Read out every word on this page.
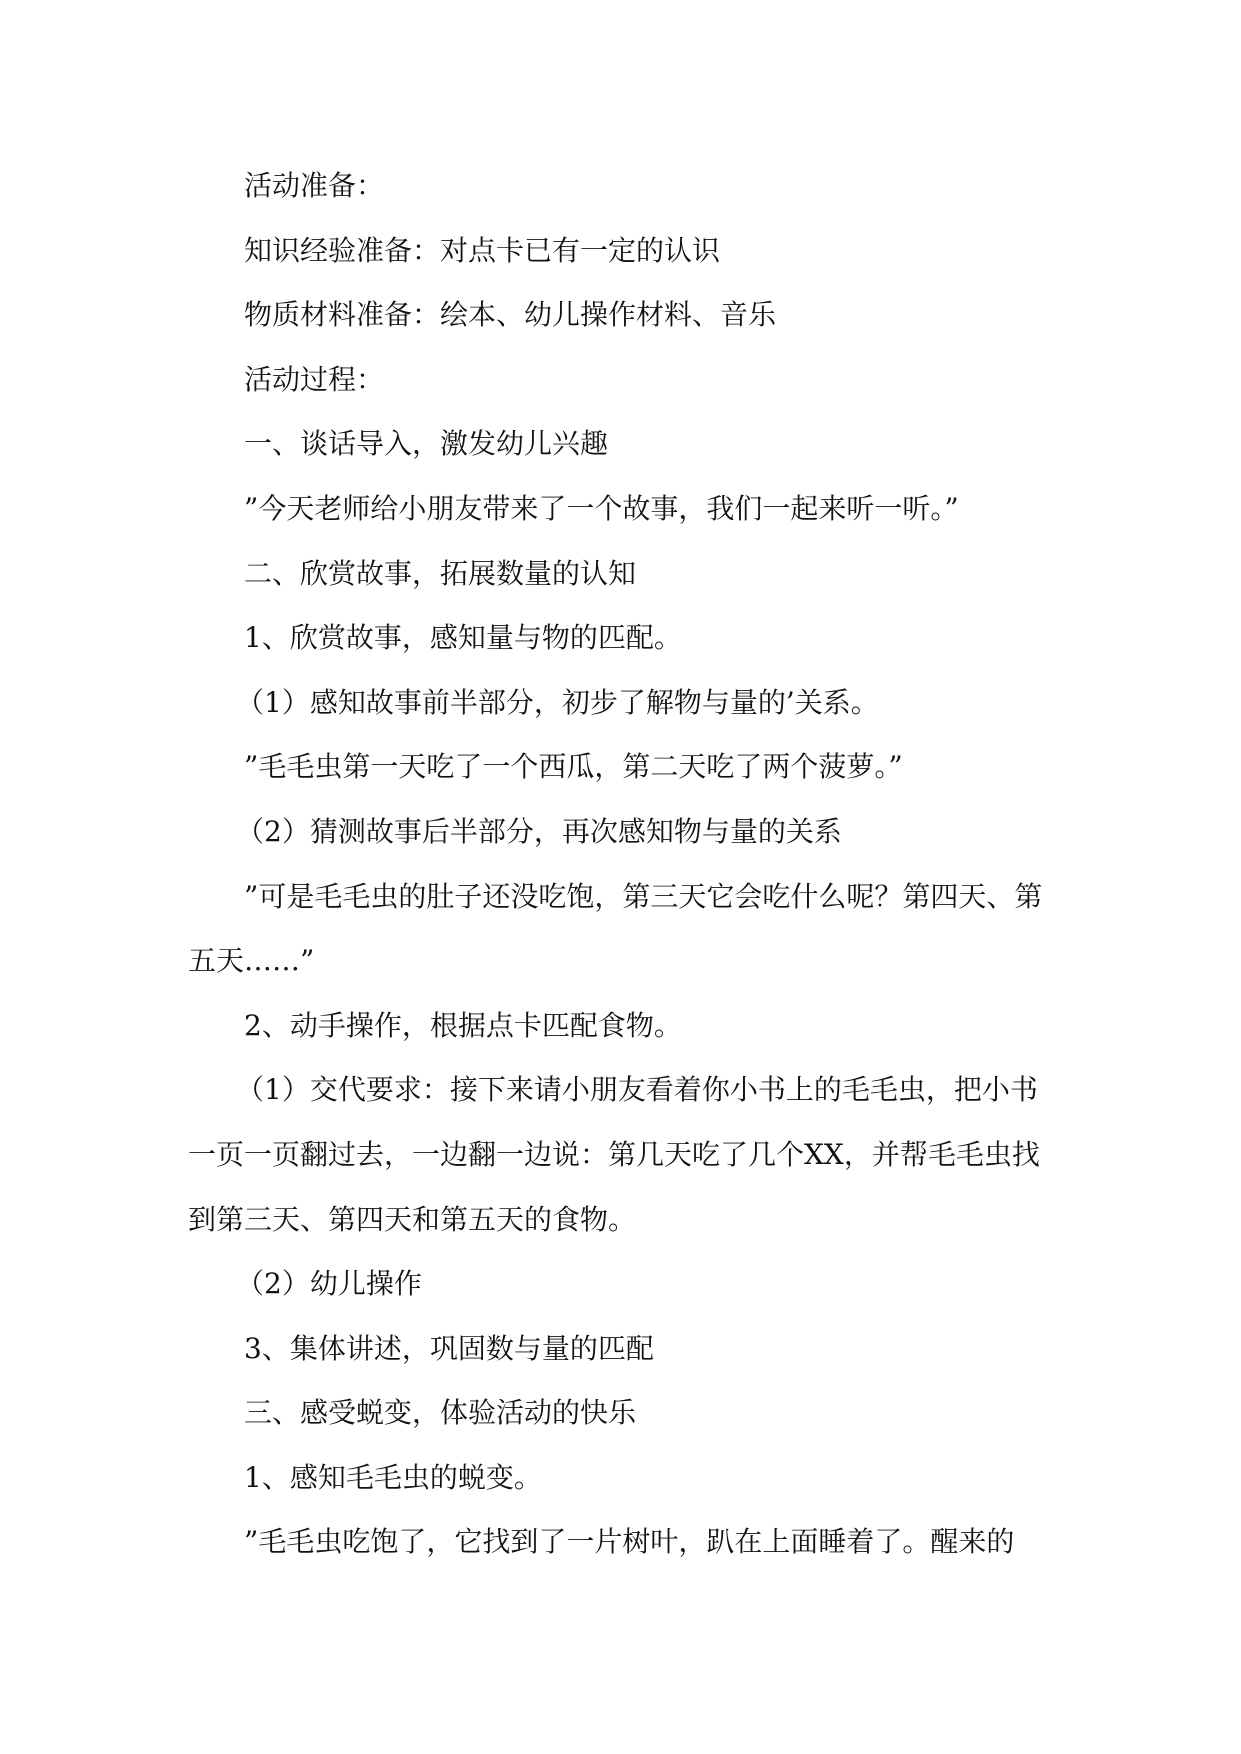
活动准备：

知识经验准备：对点卡已有一定的认识

物质材料准备：绘本、幼儿操作材料、音乐

活动过程：

一、谈话导入，激发幼儿兴趣

”今天老师给小朋友带来了一个故事，我们一起来听一听。”

二、欣赏故事，拓展数量的认知

1、欣赏故事，感知量与物的匹配。

（1）感知故事前半部分，初步了解物与量的’关系。

”毛毛虫第一天吃了一个西瓜，第二天吃了两个菠萝。”

（2）猜测故事后半部分，再次感知物与量的关系

”可是毛毛虫的肚子还没吃饱，第三天它会吃什么呢？第四天、第五天……”

2、动手操作，根据点卡匹配食物。

（1）交代要求：接下来请小朋友看着你小书上的毛毛虫，把小书一页一页翻过去，一边翻一边说：第几天吃了几个XX，并帮毛毛虫找到第三天、第四天和第五天的食物。

（2）幼儿操作

3、集体讲述，巩固数与量的匹配

三、感受蜕变，体验活动的快乐

1、感知毛毛虫的蜕变。

”毛毛虫吃饱了，它找到了一片树叶，趴在上面睡着了。醒来的
